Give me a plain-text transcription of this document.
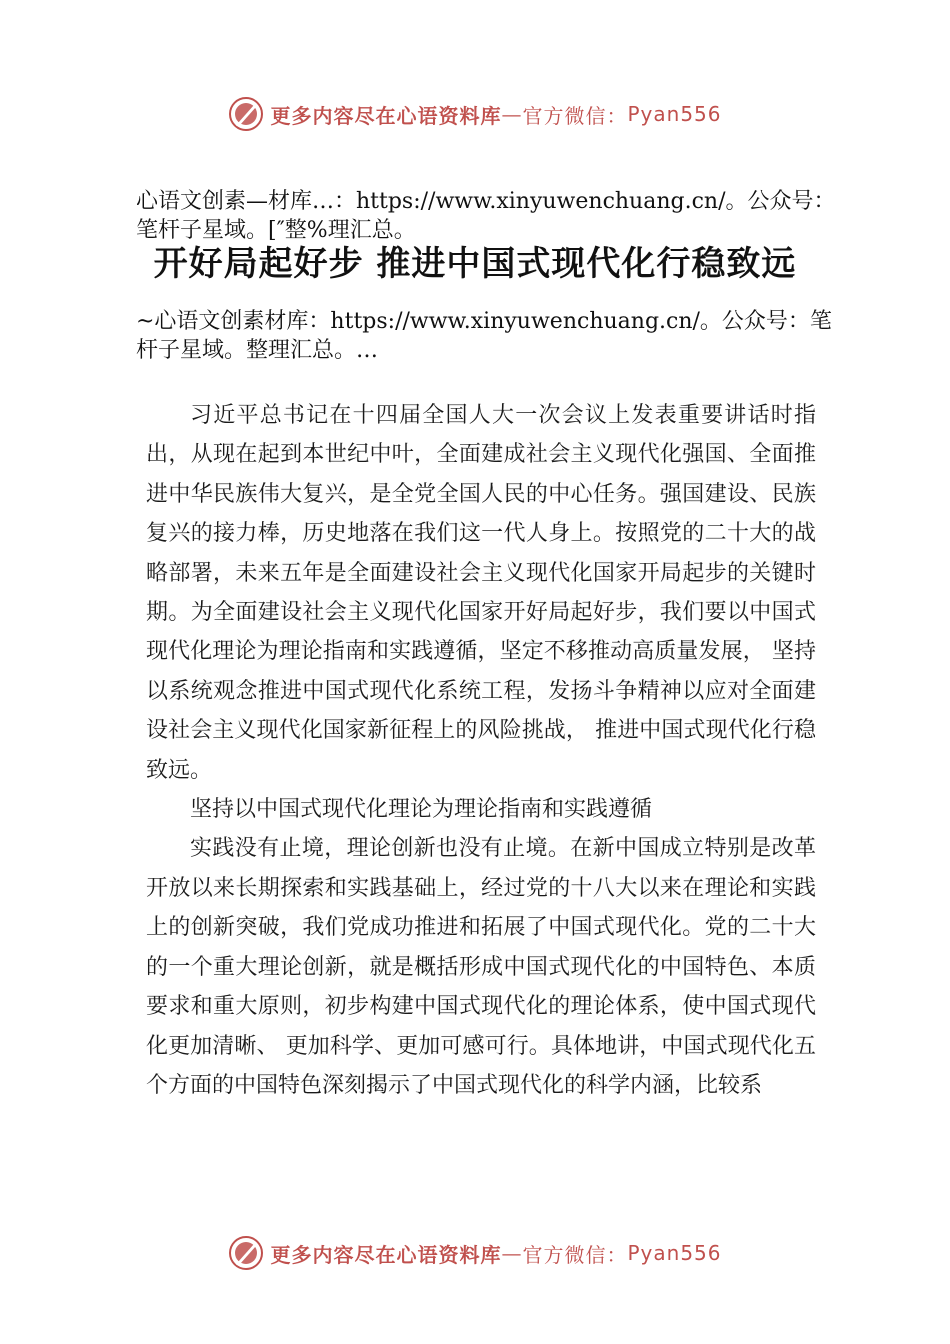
更多内容尽在心语资料库 — 官方微信： Pyan556
心语文创素—材库…：https://www.xinyuwenchuang.cn/。公众号：笔杆子星域。[″整%理汇总。
开好局起好步 推进中国式现代化行稳致远
~心语文创素材库：https://www.xinyuwenchuang.cn/。公众号：笔杆子星域。整理汇总。…

习近平总书记在十四届全国人大一次会议上发表重要讲话时指出，从现在起到本世纪中叶，全面建成社会主义现代化强国、全面推进中华民族伟大复兴，是全党全国人民的中心任务。强国建设、民族复兴的接力棒，历史地落在我们这一代人身上。按照党的二十大的战略部署，未来五年是全面建设社会主义现代化国家开局起步的关键时期。为全面建设社会主义现代化国家开好局起好步，我们要以中国式现代化理论为理论指南和实践遵循，坚定不移推动高质量发展， 坚持以系统观念推进中国式现代化系统工程，发扬斗争精神以应对全面建设社会主义现代化国家新征程上的风险挑战， 推进中国式现代化行稳致远。

坚持以中国式现代化理论为理论指南和实践遵循

实践没有止境，理论创新也没有止境。在新中国成立特别是改革开放以来长期探索和实践基础上，经过党的十八大以来在理论和实践上的创新突破，我们党成功推进和拓展了中国式现代化。党的二十大的一个重大理论创新，就是概括形成中国式现代化的中国特色、本质要求和重大原则，初步构建中国式现代化的理论体系，使中国式现代化更加清晰、 更加科学、更加可感可行。具体地讲，中国式现代化五个方面的中国特色深刻揭示了中国式现代化的科学内涵，比较系

更多内容尽在心语资料库 — 官方微信： Pyan556
